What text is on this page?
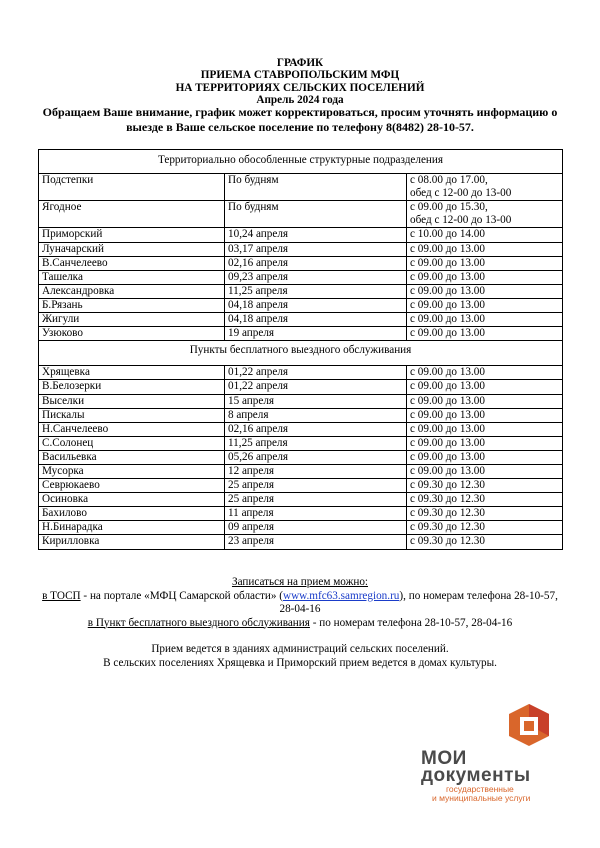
ГРАФИК
ПРИЕМА СТАВРОПОЛЬСКИМ МФЦ
НА ТЕРРИТОРИЯХ СЕЛЬСКИХ ПОСЕЛЕНИЙ
Апрель 2024 года
Обращаем Ваше внимание, график может корректироваться, просим уточнять информацию о
выезде в Ваше сельское поселение по телефону 8(8482) 28-10-57.
Территориально обособленные структурные подразделения		
Подстепки	По будням	с 08.00 до 17.00,
обед с 12-00 до 13-00

Ягодное	По будням	с 09.00 до 15.30,
обед с 12-00 до 13-00

Приморский	10,24 апреля	с 10.00 до 14.00
Луначарский	03,17 апреля	с 09.00 до 13.00
В.Санчелеево	02,16 апреля	с 09.00 до 13.00
Ташелка	09,23 апреля	с 09.00 до 13.00
Александровка	11,25 апреля	с 09.00 до 13.00
Б.Рязань	04,18 апреля	с 09.00 до 13.00
Жигули	04,18 апреля	с 09.00 до 13.00
Узюково	19 апреля	с 09.00 до 13.00
Пункты бесплатного выездного обслуживания		
Хрящевка	01,22 апреля	с 09.00 до 13.00
В.Белозерки	01,22 апреля	с 09.00 до 13.00
Выселки	15 апреля	с 09.00 до 13.00
Пискалы	8 апреля	с 09.00 до 13.00
Н.Санчелеево	02,16 апреля	с 09.00 до 13.00
С.Солонец	11,25 апреля	с 09.00 до 13.00
Васильевка	05,26 апреля	с 09.00 до 13.00
Мусорка	12 апреля	с 09.00 до 13.00
Севрюкаево	25 апреля	с 09.30 до 12.30
Осиновка	25 апреля	с 09.30 до 12.30
Бахилово	11 апреля	с 09.30 до 12.30
Н.Бинарадка	09 апреля	с 09.30 до 12.30
Кирилловка	23 апреля	с 09.30 до 12.30
Записаться на прием можно:
в ТОСП - на портале «МФЦ Самарской области» (www.mfc63.samregion.ru), по номерам телефона 28-10-57,
28-04-16
в Пункт бесплатного выездного обслуживания - по номерам телефона 28-10-57, 28-04-16
Прием ведется в зданиях администраций сельских поселений.
В сельских поселениях Хрящевка и Приморский прием ведется в домах культуры.
МОИ
документы
государственные
и муниципальные услуги
